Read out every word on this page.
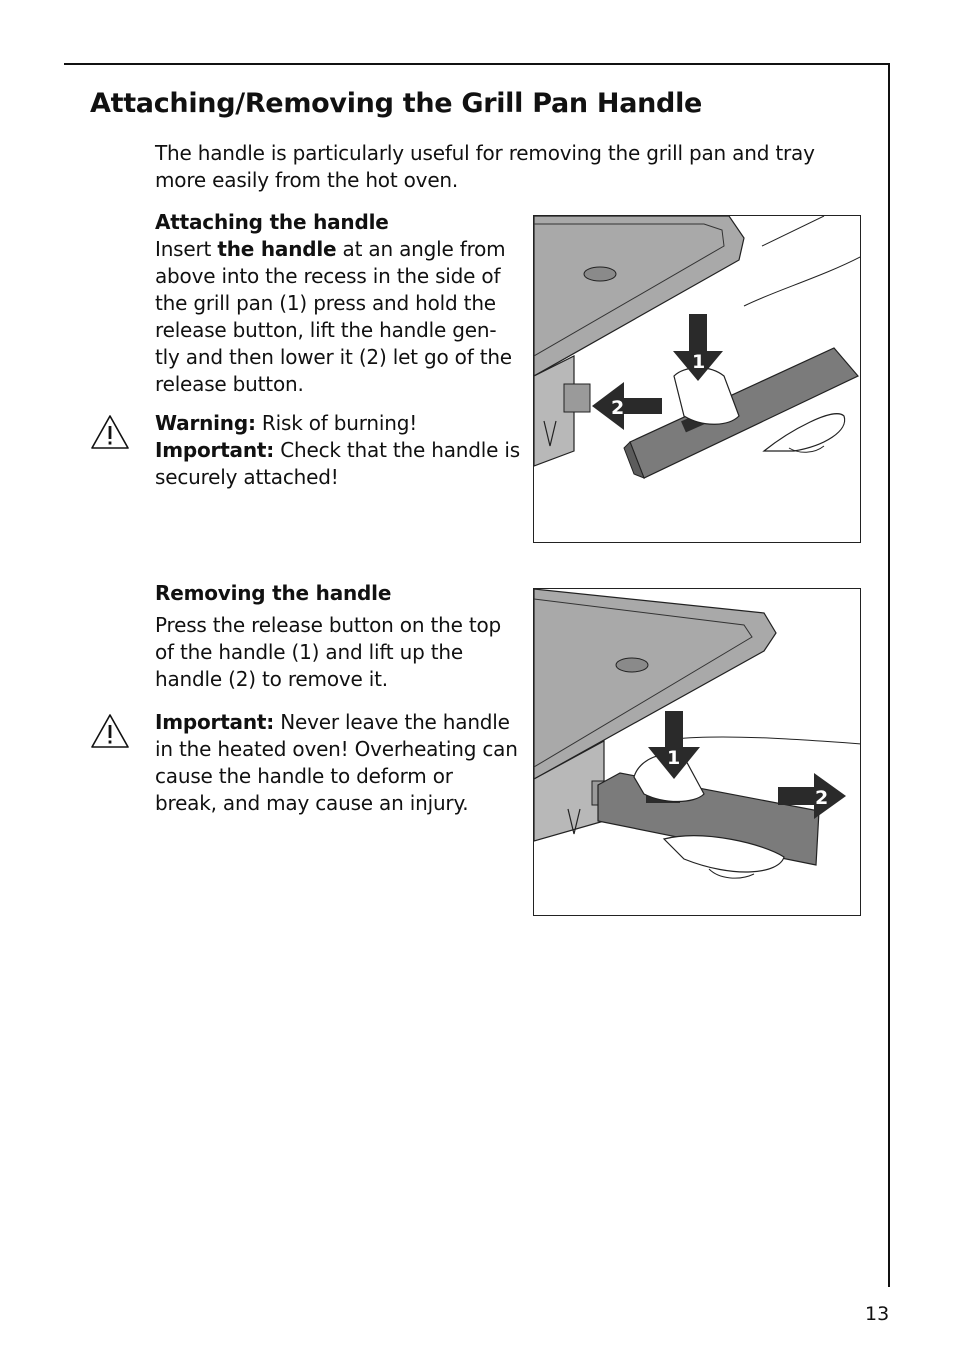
Attaching/Removing the Grill Pan Handle
The handle is particularly useful for removing the grill pan and tray more easily from the hot oven.
Attaching the handle
Insert the handle at an angle from above into the recess in the side of the grill pan (1) press and hold the release button, lift the handle gen-tly and then lower it (2) let go of the release button.
Warning: Risk of burning!
Important: Check that the handle is securely attached!
Removing the handle
Press the release button on the top of the handle (1) and lift up the handle (2) to remove it.
Important: Never leave the handle in the heated oven! Overheating can cause the handle to deform or break, and may cause an injury.
1
2
1
2
13
